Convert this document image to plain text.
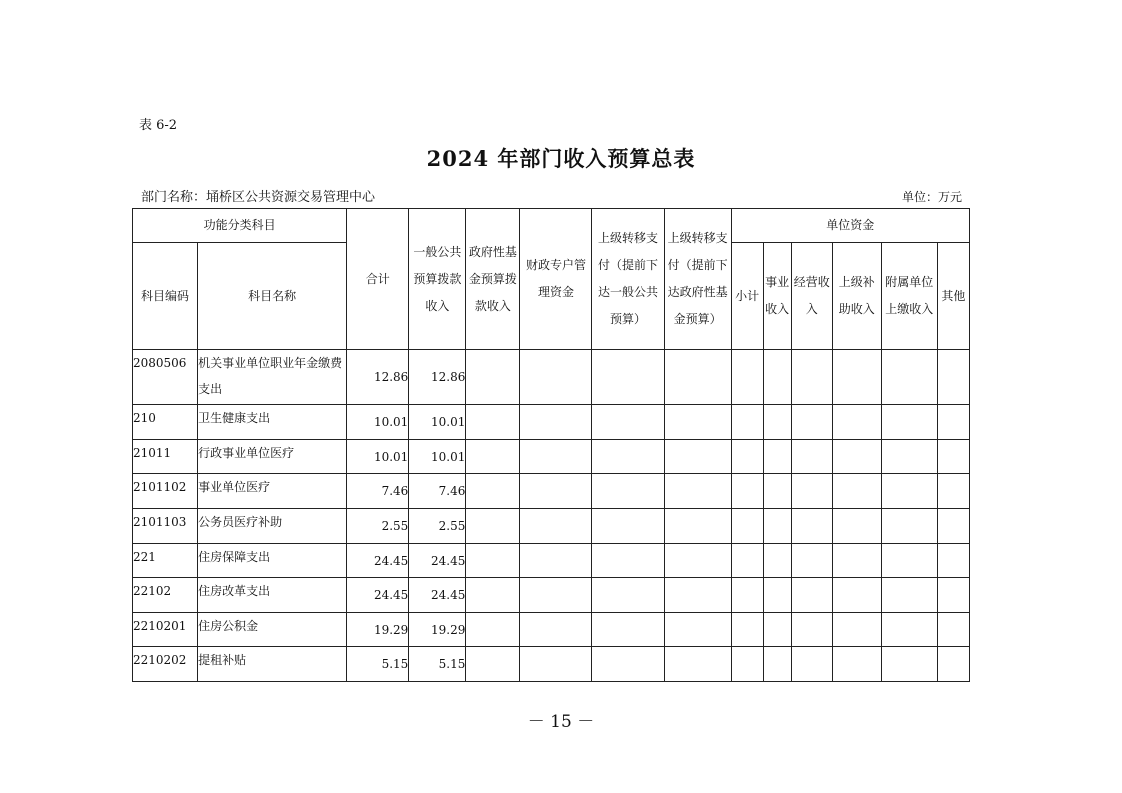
表 6-2
2024 年部门收入预算总表
部门名称：埇桥区公共资源交易管理中心	单位：万元
功能分类科目		合计	一般公共预算拨款收入	政府性基金预算拨款收入	财政专户管理资金	上级转移支付（提前下达一般公共预算）	上级转移支付（提前下达政府性基金预算）	单位资金					
科目编码	科目名称							小计	事业收入	经营收入	上级补助收入	附属单位上缴收入	其他
2080506	机关事业单位职业年金缴费支出	12.86	12.86										
210	卫生健康支出	10.01	10.01										
21011	行政事业单位医疗	10.01	10.01										
2101102	事业单位医疗	7.46	7.46										
2101103	公务员医疗补助	2.55	2.55										
221	住房保障支出	24.45	24.45										
22102	住房改革支出	24.45	24.45										
2210201	住房公积金	19.29	19.29										
2210202	提租补贴	5.15	5.15										
－ 15 －
